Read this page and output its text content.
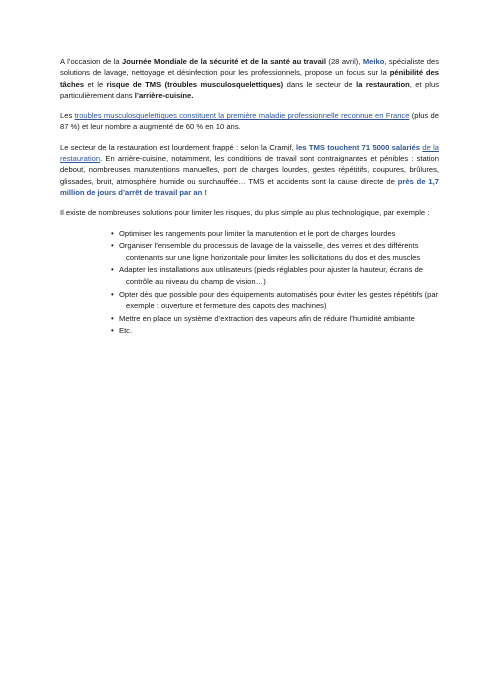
A l’occasion de la Journée Mondiale de la sécurité et de la santé au travail (28 avril), Meiko, spécialiste des solutions de lavage, nettoyage et désinfection pour les professionnels, propose un focus sur la pénibilité des tâches et le risque de TMS (troubles musculosquelettiques) dans le secteur de la restauration, et plus particulièrement dans l’arrière-cuisine.

Les troubles musculosquelettiques constituent la première maladie professionnelle reconnue en France (plus de 87 %) et leur nombre a augmenté de 60 % en 10 ans.

Le secteur de la restauration est lourdement frappé : selon la Cramif, les TMS touchent 71 5000 salariés de la restauration. En arrière-cuisine, notamment, les conditions de travail sont contraignantes et pénibles : station debout, nombreuses manutentions manuelles, port de charges lourdes, gestes répétitifs, coupures, brûlures, glissades, bruit, atmosphère humide ou surchauffée… TMS et accidents sont la cause directe de près de 1,7 million de jours d’arrêt de travail par an !

Il existe de nombreuses solutions pour limiter les risques, du plus simple au plus technologique, par exemple :

• Optimiser les rangements pour limiter la manutention et le port de charges lourdes
• Organiser l’ensemble du processus de lavage de la vaisselle, des verres et des différents
contenants sur une ligne horizontale pour limiter les sollicitations du dos et des muscles
• Adapter les installations aux utilisateurs (pieds réglables pour ajuster la hauteur, écrans de
contrôle au niveau du champ de vision…)
• Opter dès que possible pour des équipements automatisés pour éviter les gestes répétitifs (par
exemple : ouverture et fermeture des capots des machines)
• Mettre en place un système d’extraction des vapeurs afin de réduire l’humidité ambiante
• Etc.
